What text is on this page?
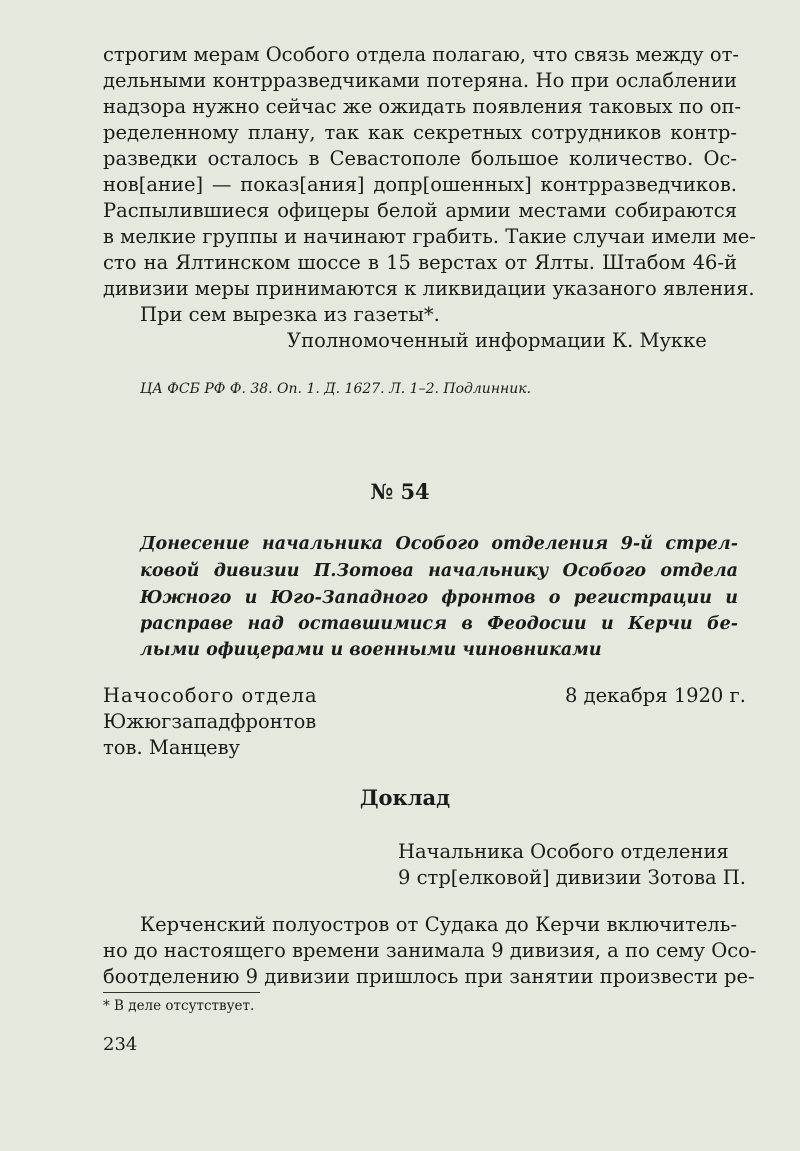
строгим мерам Особого отдела полагаю, что связь между от-
дельными контрразведчиками потеряна. Но при ослаблении
надзора нужно сейчас же ожидать появления таковых по оп-
ределенному плану, так как секретных сотрудников контр-
разведки осталось в Севастополе большое количество. Ос-
нов[ание] — показ[ания] допр[ошенных] контрразведчиков.
Распылившиеся офицеры белой армии местами собираются
в мелкие группы и начинают грабить. Такие случаи имели ме-
сто на Ялтинском шоссе в 15 верстах от Ялты. Штабом 46-й
дивизии меры принимаются к ликвидации указаного явления.
При сем вырезка из газеты*.
Уполномоченный информации К. Мукке
ЦА ФСБ РФ Ф. 38. Оп. 1. Д. 1627. Л. 1–2. Подлинник.
№ 54
Донесение начальника Особого отделения 9-й стрел-
ковой дивизии П.Зотова начальнику Особого отдела
Южного и Юго-Западного фронтов о регистрации и
расправе над оставшимися в Феодосии и Керчи бе-
лыми офицерами и военными чиновниками
Начособого отдела
Южюгзападфронтов
тов. Манцеву
8 декабря 1920 г.
Доклад
Начальника Особого отделения
9 стр[елковой] дивизии Зотова П.
Керченский полуостров от Судака до Керчи включитель-
но до настоящего времени занимала 9 дивизия, а по сему Осо-
боотделению 9 дивизии пришлось при занятии произвести ре-
* В деле отсутствует.
234
